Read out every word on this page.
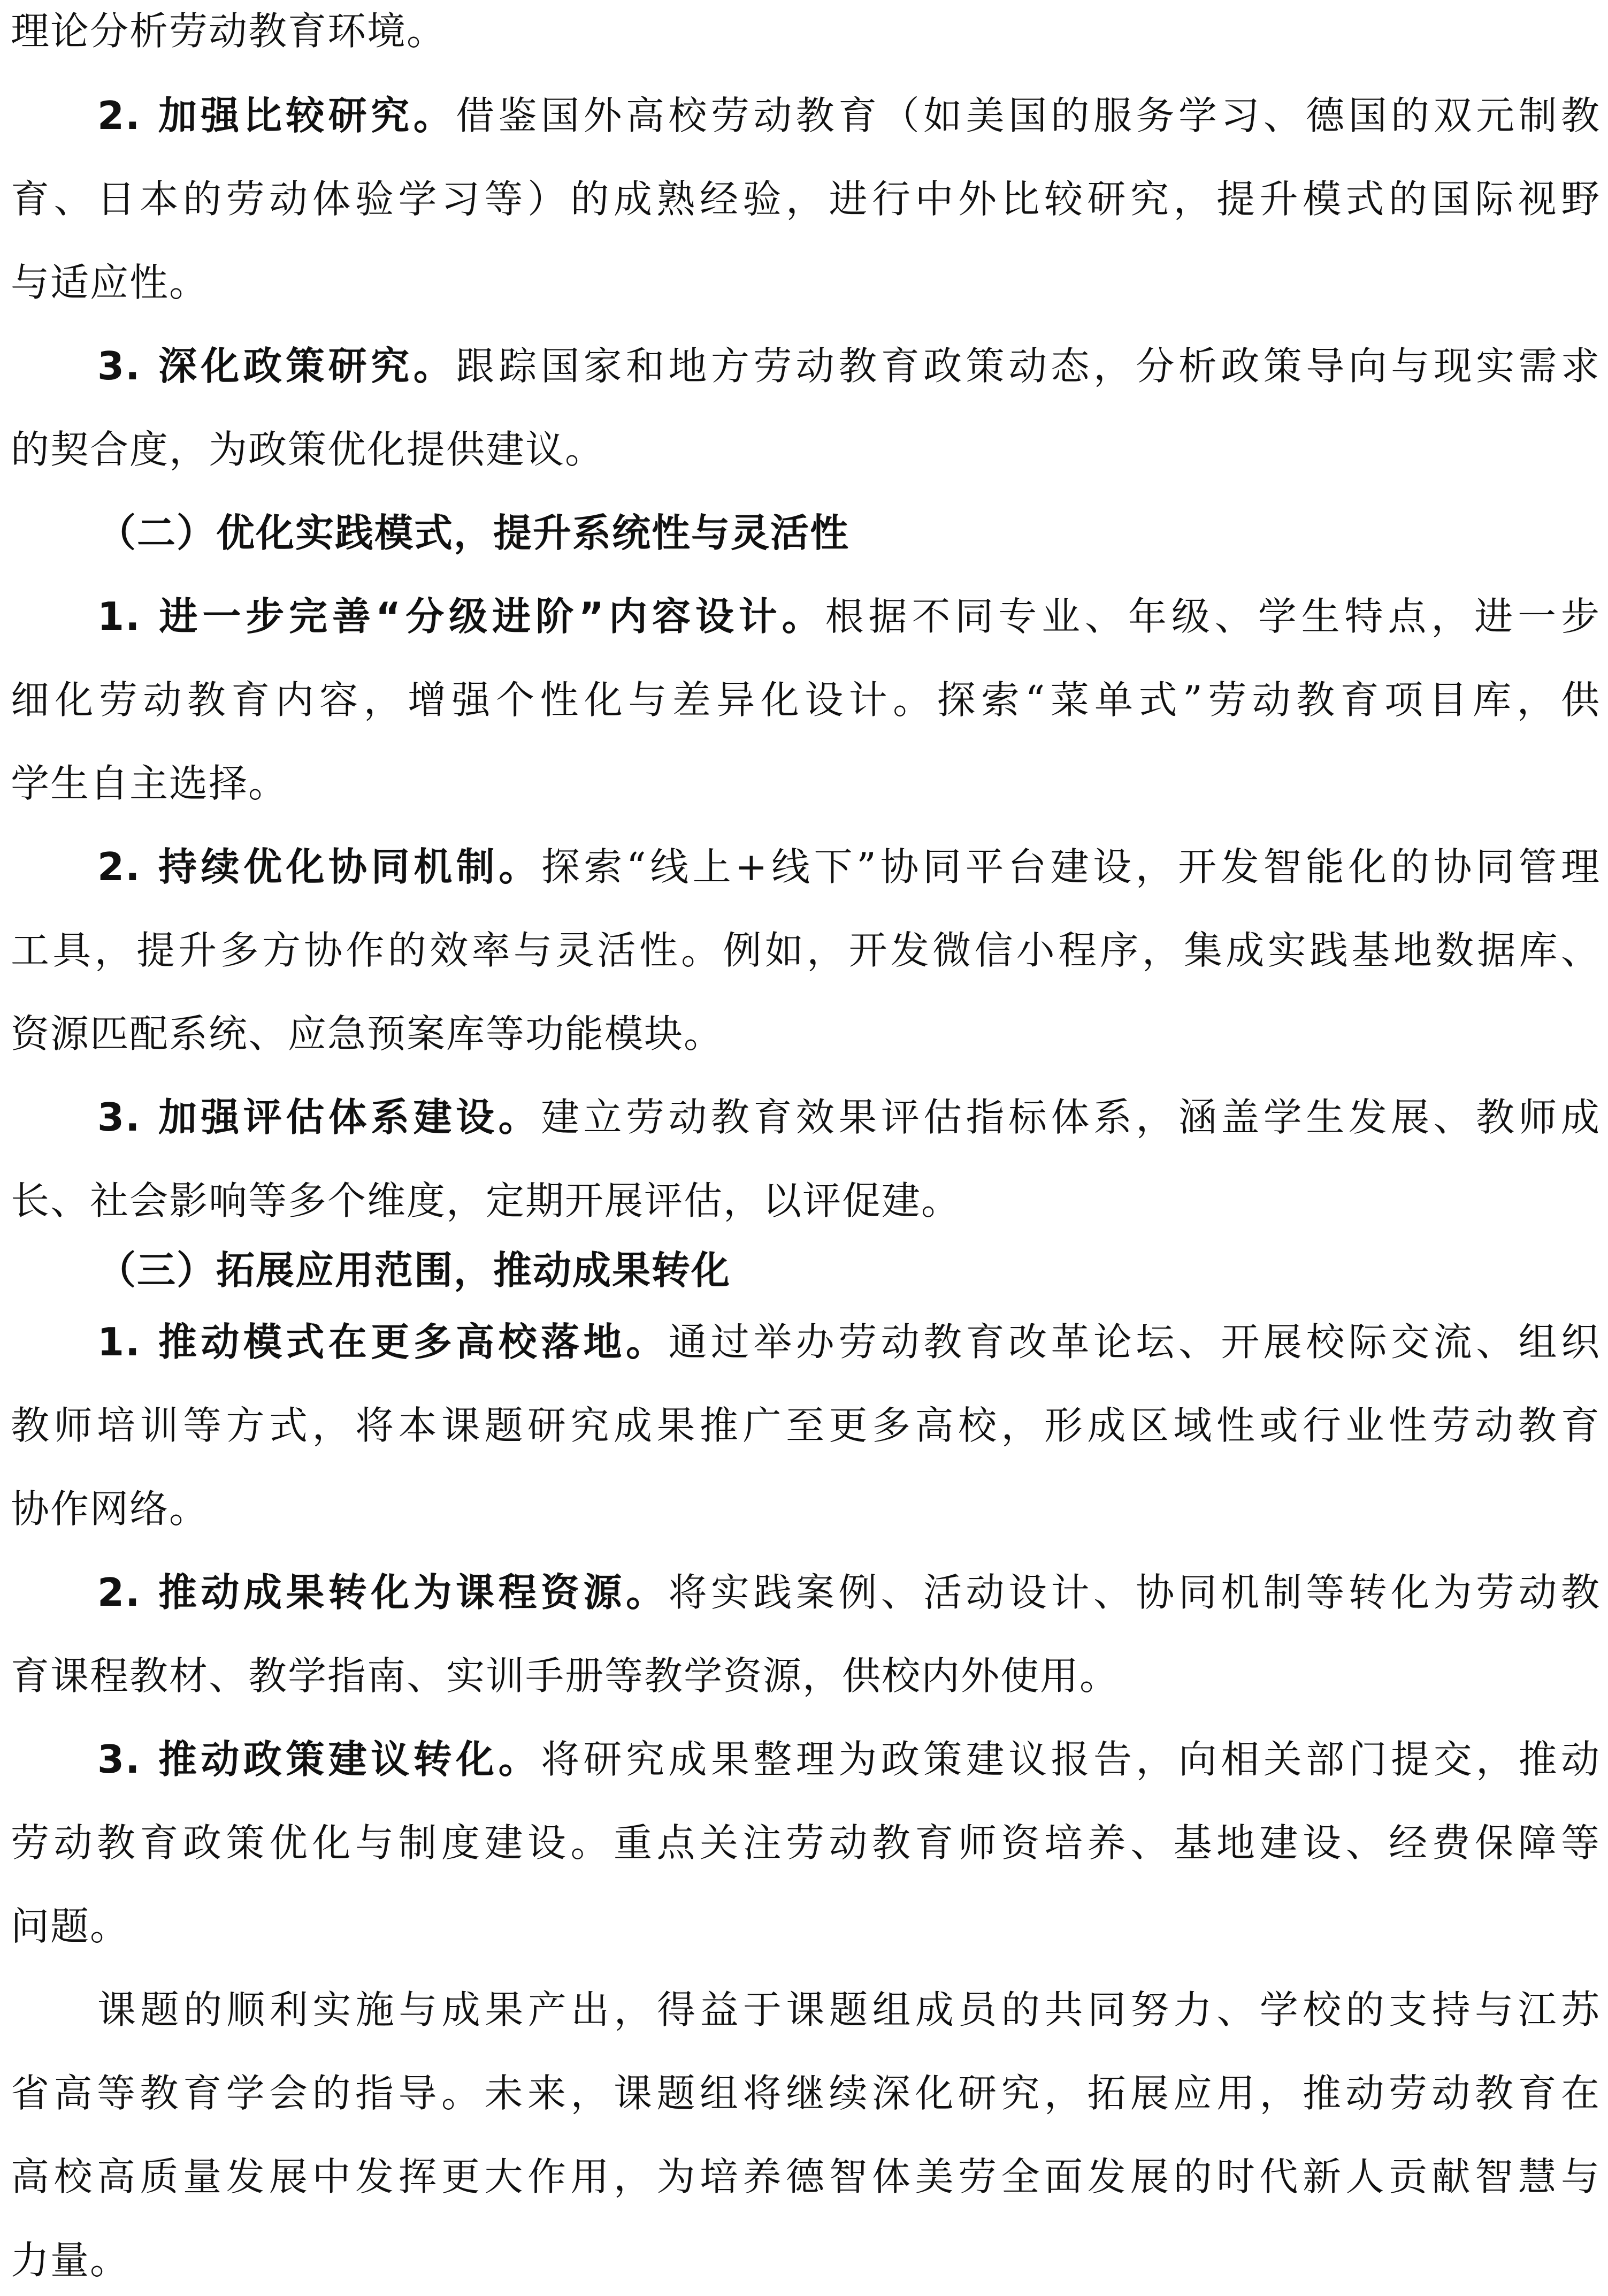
理论分析劳动教育环境。
2. 加强比较研究。借鉴国外高校劳动教育（如美国的服务学习、德国的双元制教
育、日本的劳动体验学习等）的成熟经验，进行中外比较研究，提升模式的国际视野
与适应性。
3. 深化政策研究。跟踪国家和地方劳动教育政策动态，分析政策导向与现实需求
的契合度，为政策优化提供建议。
（二）优化实践模式，提升系统性与灵活性
1. 进一步完善“分级进阶”内容设计。根据不同专业、年级、学生特点，进一步
细化劳动教育内容，增强个性化与差异化设计。探索“菜单式”劳动教育项目库，供
学生自主选择。
2. 持续优化协同机制。探索“线上+线下”协同平台建设，开发智能化的协同管理
工具，提升多方协作的效率与灵活性。例如，开发微信小程序，集成实践基地数据库、
资源匹配系统、应急预案库等功能模块。
3. 加强评估体系建设。建立劳动教育效果评估指标体系，涵盖学生发展、教师成
长、社会影响等多个维度，定期开展评估，以评促建。
（三）拓展应用范围，推动成果转化
1. 推动模式在更多高校落地。通过举办劳动教育改革论坛、开展校际交流、组织
教师培训等方式，将本课题研究成果推广至更多高校，形成区域性或行业性劳动教育
协作网络。
2. 推动成果转化为课程资源。将实践案例、活动设计、协同机制等转化为劳动教
育课程教材、教学指南、实训手册等教学资源，供校内外使用。
3. 推动政策建议转化。将研究成果整理为政策建议报告，向相关部门提交，推动
劳动教育政策优化与制度建设。重点关注劳动教育师资培养、基地建设、经费保障等
问题。
课题的顺利实施与成果产出，得益于课题组成员的共同努力、学校的支持与江苏
省高等教育学会的指导。未来，课题组将继续深化研究，拓展应用，推动劳动教育在
高校高质量发展中发挥更大作用，为培养德智体美劳全面发展的时代新人贡献智慧与
力量。
